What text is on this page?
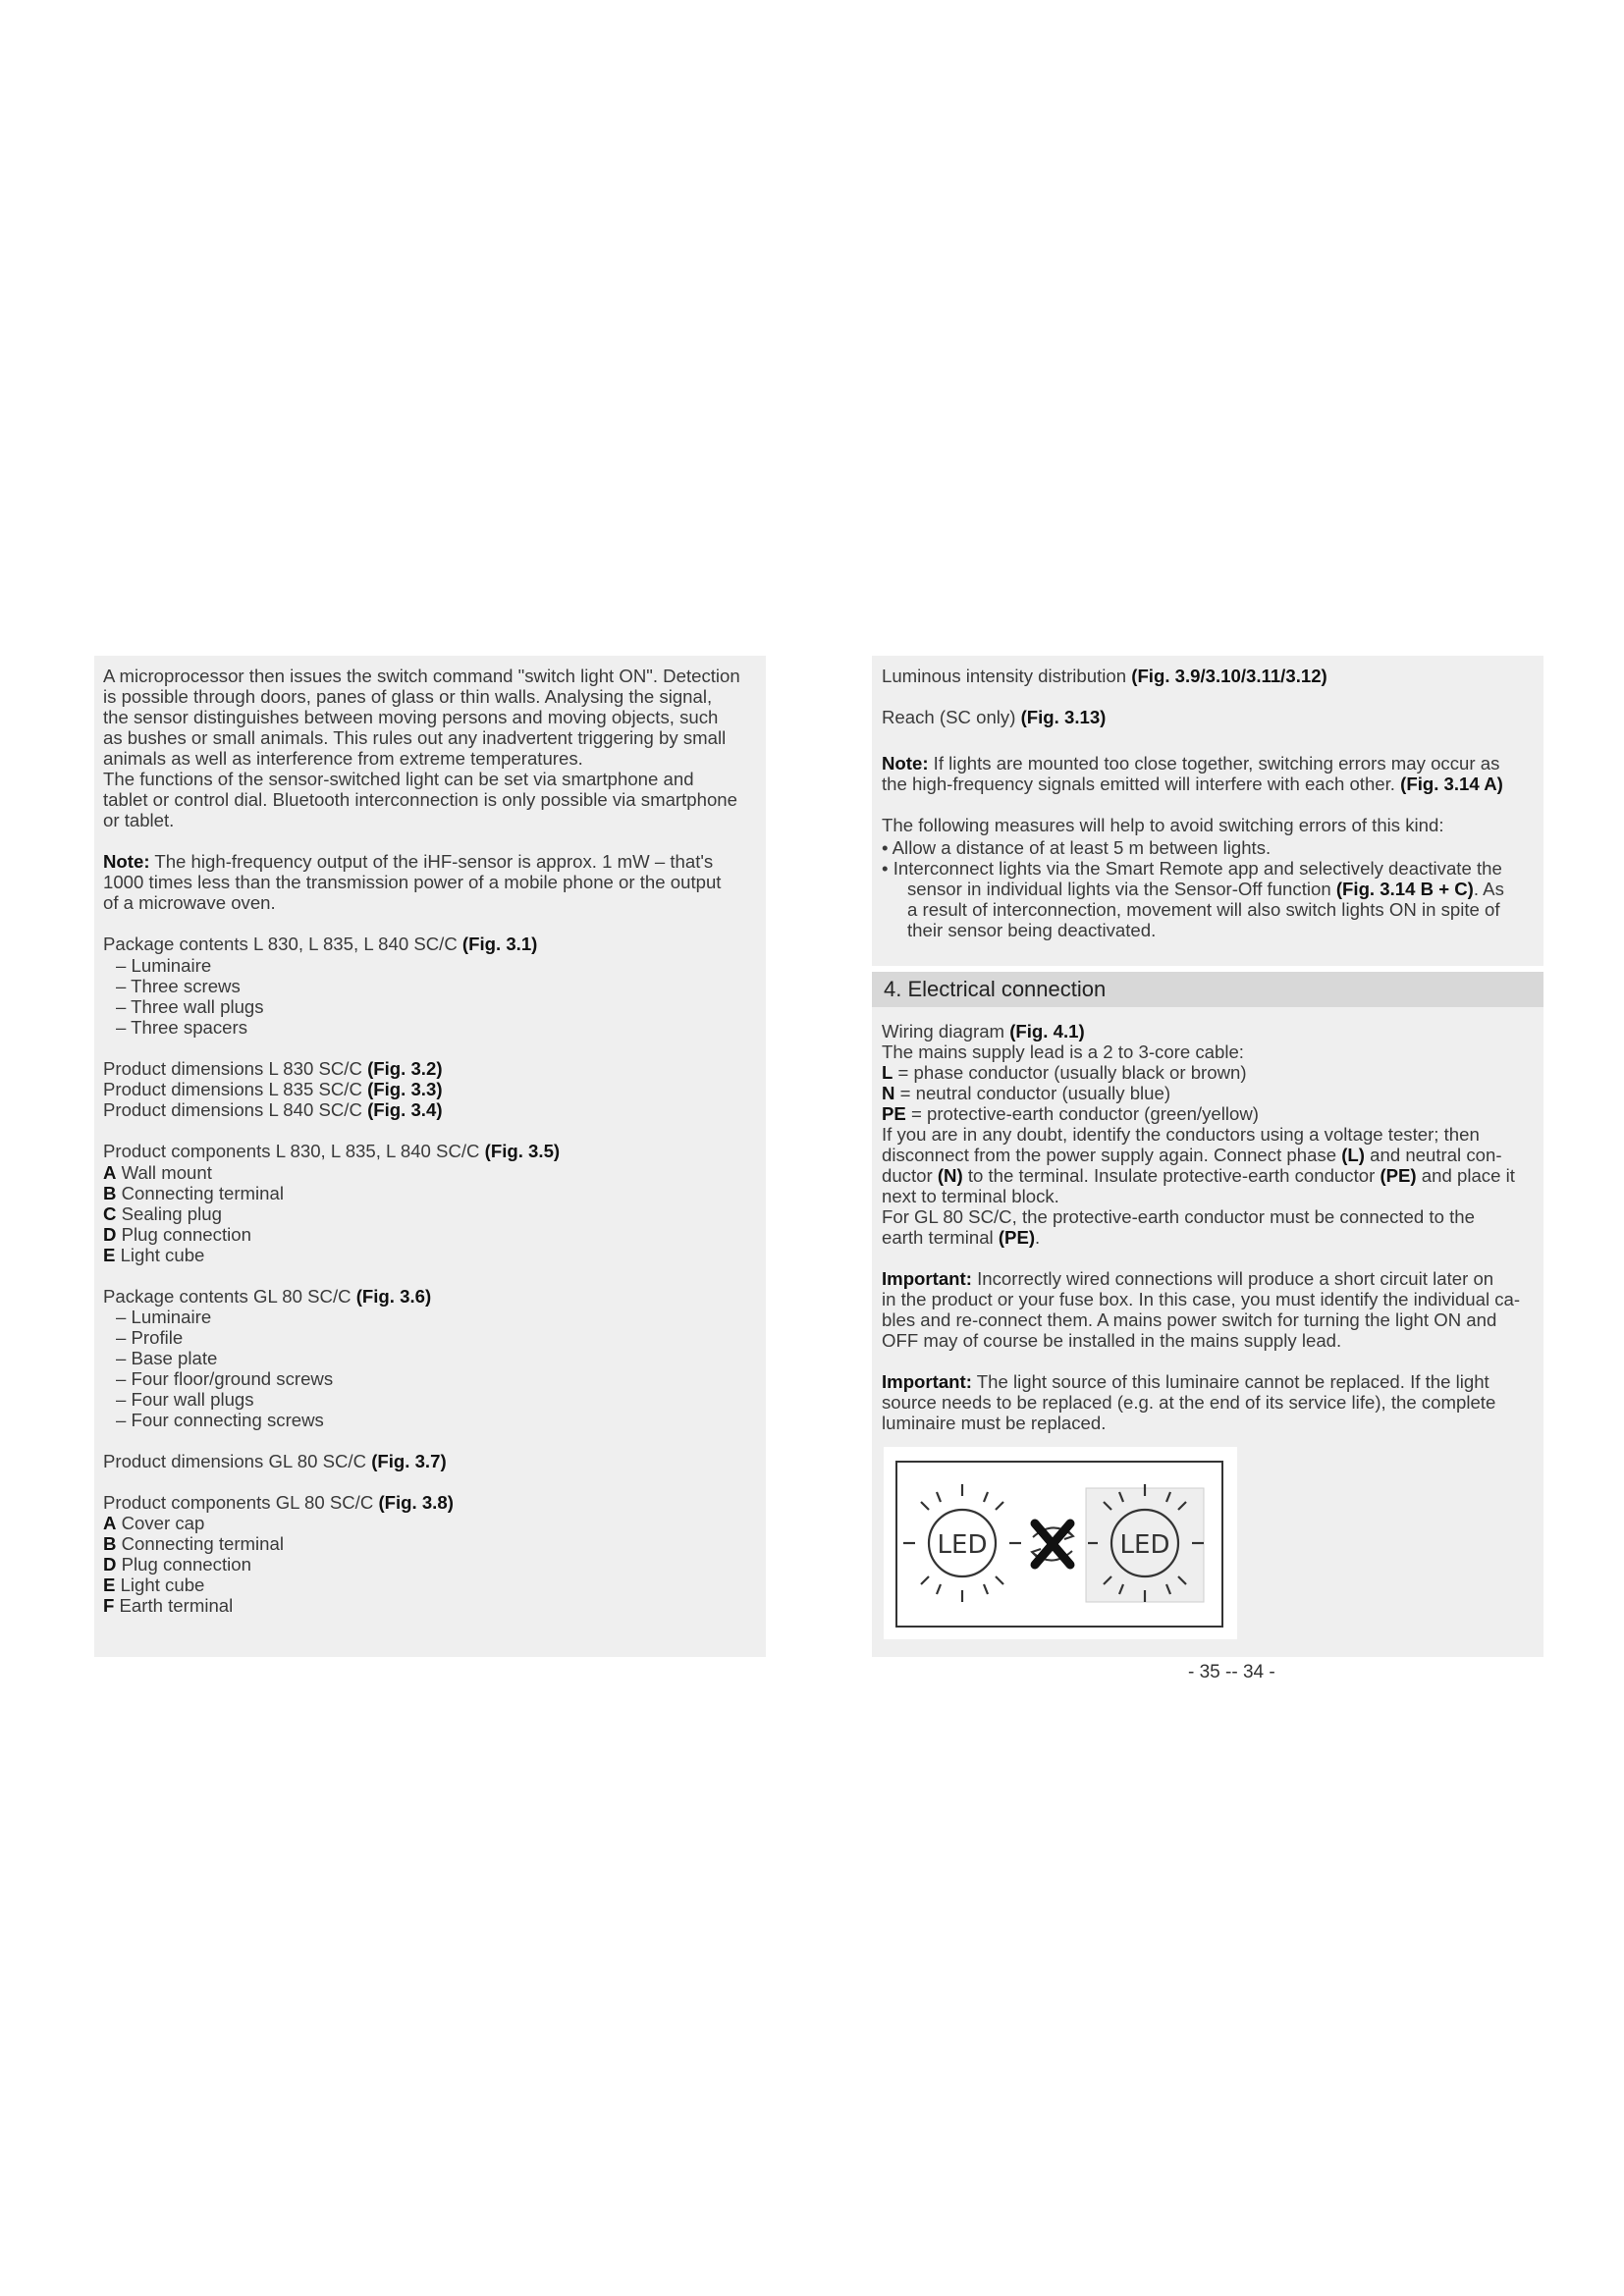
A microprocessor then issues the switch command "switch light ON". Detection
is possible through doors, panes of glass or thin walls. Analysing the signal,
the sensor distinguishes between moving persons and moving objects, such
as bushes or small animals. This rules out any inadvertent triggering by small
animals as well as interference from extreme temperatures.
The functions of the sensor-switched light can be set via smartphone and
tablet or control dial. Bluetooth interconnection is only possible via smartphone
or tablet.
Note: The high-frequency output of the iHF-sensor is approx. 1 mW – that's
1000 times less than the transmission power of a mobile phone or the output
of a microwave oven.
Package contents L 830, L 835, L 840 SC/C (Fig. 3.1)
– Luminaire
– Three screws
– Three wall plugs
– Three spacers
Product dimensions L 830 SC/C (Fig. 3.2)
Product dimensions L 835 SC/C (Fig. 3.3)
Product dimensions L 840 SC/C (Fig. 3.4)
Product components L 830, L 835, L 840 SC/C (Fig. 3.5)
A Wall mount
B Connecting terminal
C Sealing plug
D Plug connection
E Light cube
Package contents GL 80 SC/C (Fig. 3.6)
– Luminaire
– Profile
– Base plate
– Four floor/ground screws
– Four wall plugs
– Four connecting screws
Product dimensions GL 80 SC/C (Fig. 3.7)
Product components GL 80 SC/C (Fig. 3.8)
A Cover cap
B Connecting terminal
D Plug connection
E Light cube
F Earth terminal
Luminous intensity distribution (Fig. 3.9/3.10/3.11/3.12)
Reach (SC only) (Fig. 3.13)
Note: If lights are mounted too close together, switching errors may occur as
the high-frequency signals emitted will interfere with each other. (Fig. 3.14 A)
The following measures will help to avoid switching errors of this kind:
• Allow a distance of at least 5 m between lights.
• Interconnect lights via the Smart Remote app and selectively deactivate the
sensor in individual lights via the Sensor-Off function (Fig. 3.14 B + C). As
a result of interconnection, movement will also switch lights ON in spite of
their sensor being deactivated.
4. Electrical connection
Wiring diagram (Fig. 4.1)
The mains supply lead is a 2 to 3-core cable:
L = phase conductor (usually black or brown)
N = neutral conductor (usually blue)
PE = protective-earth conductor (green/yellow)
If you are in any doubt, identify the conductors using a voltage tester; then
disconnect from the power supply again. Connect phase (L) and neutral con-
ductor (N) to the terminal. Insulate protective-earth conductor (PE) and place it
next to terminal block.
For GL 80 SC/C, the protective-earth conductor must be connected to the
earth terminal (PE).
Important: Incorrectly wired connections will produce a short circuit later on
in the product or your fuse box. In this case, you must identify the individual ca-
bles and re-connect them. A mains power switch for turning the light ON and
OFF may of course be installed in the mains supply lead.
Important: The light source of this luminaire cannot be replaced. If the light
source needs to be replaced (e.g. at the end of its service life), the complete
luminaire must be replaced.
LED	LED
- 35 -- 34 -
